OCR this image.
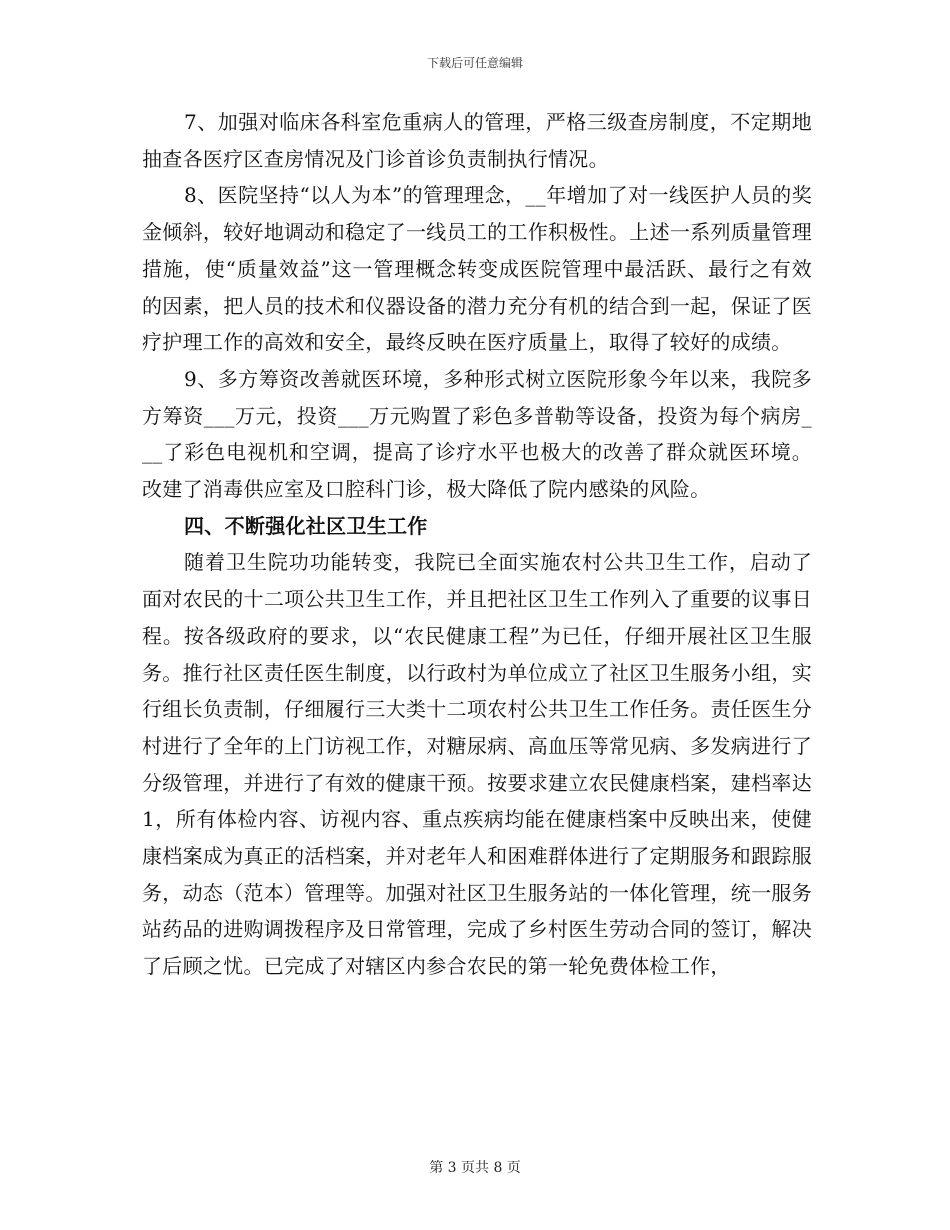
下载后可任意编辑

7、加强对临床各科室危重病人的管理，严格三级查房制度，不定期地抽查各医疗区查房情况及门诊首诊负责制执行情况。

8、医院坚持“以人为本”的管理理念，__年增加了对一线医护人员的奖金倾斜，较好地调动和稳定了一线员工的工作积极性。上述一系列质量管理措施，使“质量效益”这一管理概念转变成医院管理中最活跃、最行之有效的因素，把人员的技术和仪器设备的潜力充分有机的结合到一起，保证了医疗护理工作的高效和安全，最终反映在医疗质量上，取得了较好的成绩。

9、多方筹资改善就医环境，多种形式树立医院形象今年以来，我院多方筹资___万元，投资___万元购置了彩色多普勒等设备，投资为每个病房___了彩色电视机和空调，提高了诊疗水平也极大的改善了群众就医环境。改建了消毒供应室及口腔科门诊，极大降低了院内感染的风险。

四、不断强化社区卫生工作

随着卫生院功功能转变，我院已全面实施农村公共卫生工作，启动了面对农民的十二项公共卫生工作，并且把社区卫生工作列入了重要的议事日程。按各级政府的要求，以“农民健康工程”为已任，仔细开展社区卫生服务。推行社区责任医生制度，以行政村为单位成立了社区卫生服务小组，实行组长负责制，仔细履行三大类十二项农村公共卫生工作任务。责任医生分村进行了全年的上门访视工作，对糖尿病、高血压等常见病、多发病进行了分级管理，并进行了有效的健康干预。按要求建立农民健康档案，建档率达1，所有体检内容、访视内容、重点疾病均能在健康档案中反映出来，使健康档案成为真正的活档案，并对老年人和困难群体进行了定期服务和跟踪服务，动态（范本）管理等。加强对社区卫生服务站的一体化管理，统一服务站药品的进购调拨程序及日常管理，完成了乡村医生劳动合同的签订，解决了后顾之忧。已完成了对辖区内参合农民的第一轮免费体检工作，

第 3 页共 8 页
